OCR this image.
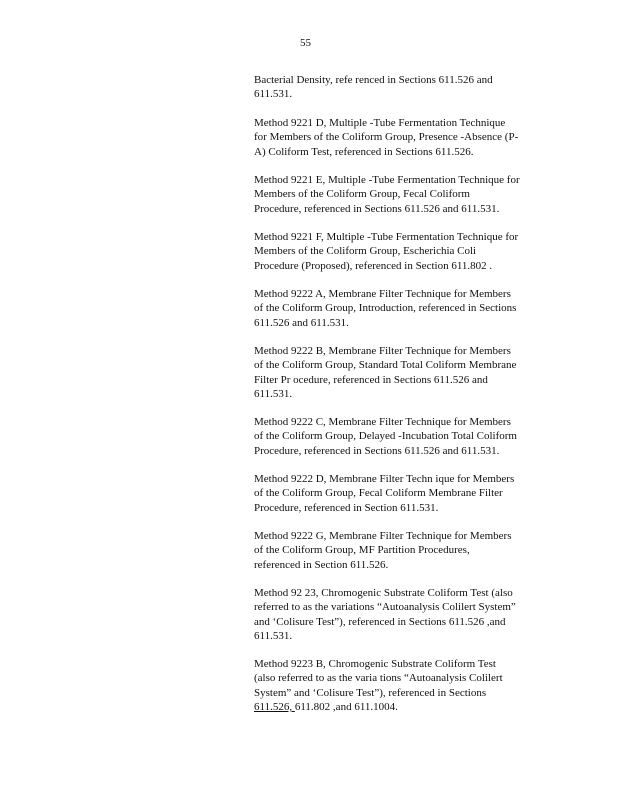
55
Bacterial Density, refe renced in Sections 611.526 and
611.531.
Method 9221 D, Multiple -Tube Fermentation Technique
for Members of the Coliform Group, Presence -Absence (P-
A) Coliform Test, referenced in Sections 611.526.
Method 9221 E, Multiple -Tube Fermentation Technique for
Members of the Coliform Group, Fecal Coliform
Procedure, referenced in Sections 611.526 and 611.531.
Method 9221 F, Multiple -Tube Fermentation Technique for
Members of the Coliform Group, Escherichia Coli
Procedure (Proposed), referenced in Section 611.802 .
Method 9222 A, Membrane Filter Technique for Members
of the Coliform Group, Introduction, referenced in Sections
611.526 and 611.531.
Method 9222 B, Membrane Filter Technique for Members
of the Coliform Group, Standard Total Coliform Membrane
Filter Pr ocedure, referenced in Sections 611.526 and
611.531.
Method 9222 C, Membrane Filter Technique for Members
of the Coliform Group, Delayed -Incubation Total Coliform
Procedure, referenced in Sections 611.526 and 611.531.
Method 9222 D, Membrane Filter Techn ique for Members
of the Coliform Group, Fecal Coliform Membrane Filter
Procedure, referenced in Section 611.531.
Method 9222 G, Membrane Filter Technique for Members
of the Coliform Group, MF Partition Procedures,
referenced in Section 611.526.
Method 92 23, Chromogenic Substrate Coliform Test (also
referred to as the variations “Autoanalysis Colilert System”
and ‘Colisure Test”), referenced in Sections 611.526 ,and
611.531.
Method 9223 B, Chromogenic Substrate Coliform Test
(also referred to as the varia tions “Autoanalysis Colilert
System” and ‘Colisure Test”), referenced in Sections
611.526, 611.802 ,and 611.1004.
